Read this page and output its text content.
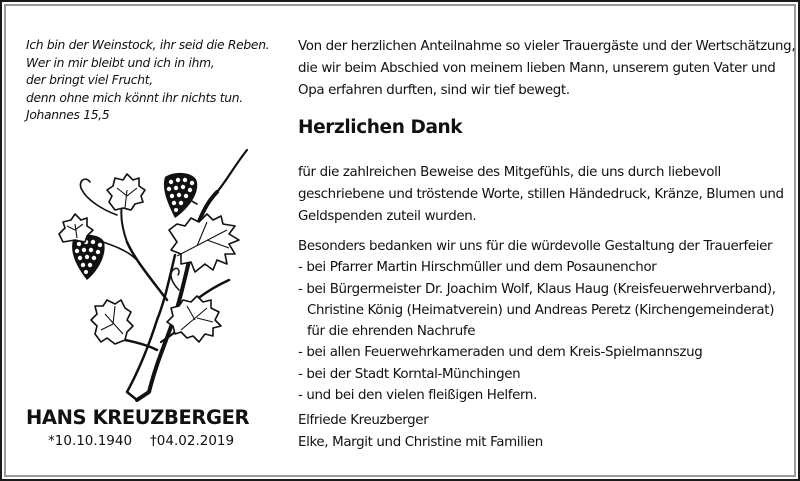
Ich bin der Weinstock, ihr seid die Reben.
Wer in mir bleibt und ich in ihm,
der bringt viel Frucht,
denn ohne mich könnt ihr nichts tun.
Johannes 15,5
HANS KREUZBERGER
*10.10.1940 †04.02.2019
Von der herzlichen Anteilnahme so vieler Trauergäste und der Wertschätzung,
die wir beim Abschied von meinem lieben Mann, unserem guten Vater und
Opa erfahren durften, sind wir tief bewegt.
Herzlichen Dank
für die zahlreichen Beweise des Mitgefühls, die uns durch liebevoll
geschriebene und tröstende Worte, stillen Händedruck, Kränze, Blumen und
Geldspenden zuteil wurden.
Besonders bedanken wir uns für die würdevolle Gestaltung der Trauerfeier
- bei Pfarrer Martin Hirschmüller und dem Posaunenchor
- bei Bürgermeister Dr. Joachim Wolf, Klaus Haug (Kreisfeuerwehrverband),
Christine König (Heimatverein) und Andreas Peretz (Kirchengemeinderat)
für die ehrenden Nachrufe
- bei allen Feuerwehrkameraden und dem Kreis-Spielmannszug
- bei der Stadt Korntal-Münchingen
- und bei den vielen fleißigen Helfern.
Elfriede Kreuzberger
Elke, Margit und Christine mit Familien
